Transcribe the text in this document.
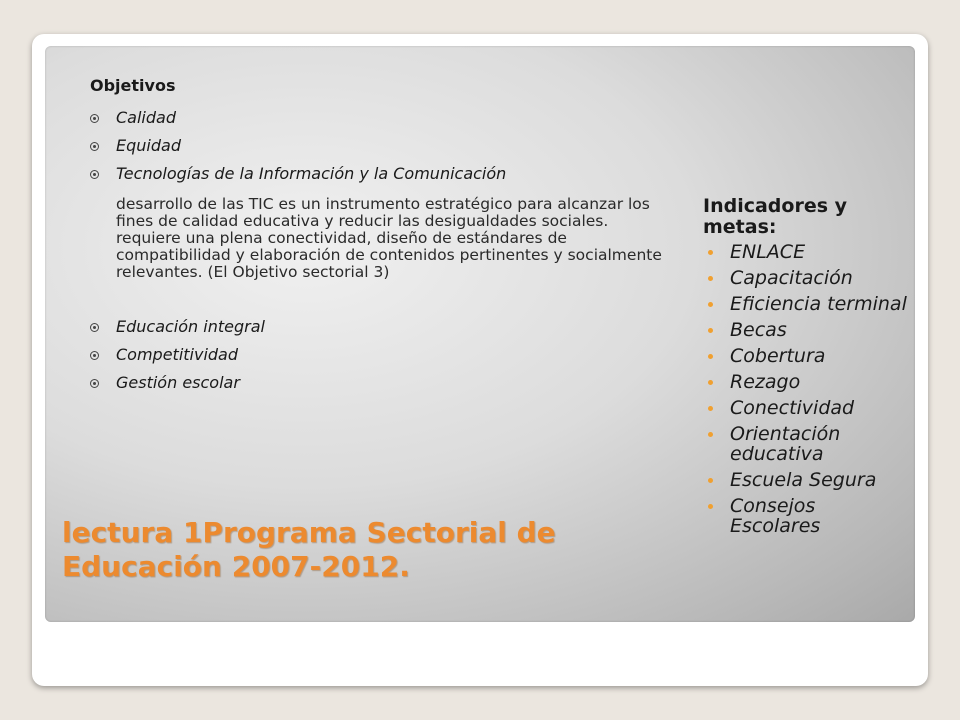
Objetivos
Calidad
Equidad
Tecnologías de la Información y la Comunicación
desarrollo de las TIC es un instrumento estratégico para alcanzar los fines de calidad educativa y reducir las desigualdades sociales. requiere una plena conectividad, diseño de estándares de compatibilidad y elaboración de contenidos pertinentes y socialmente relevantes. (El Objetivo sectorial 3)
Educación integral
Competitividad
Gestión escolar
lectura 1Programa Sectorial de
Educación 2007-2012.
Indicadores y metas:
ENLACE
Capacitación
Eficiencia terminal
Becas
Cobertura
Rezago
Conectividad
Orientación educativa
Escuela Segura
Consejos Escolares
